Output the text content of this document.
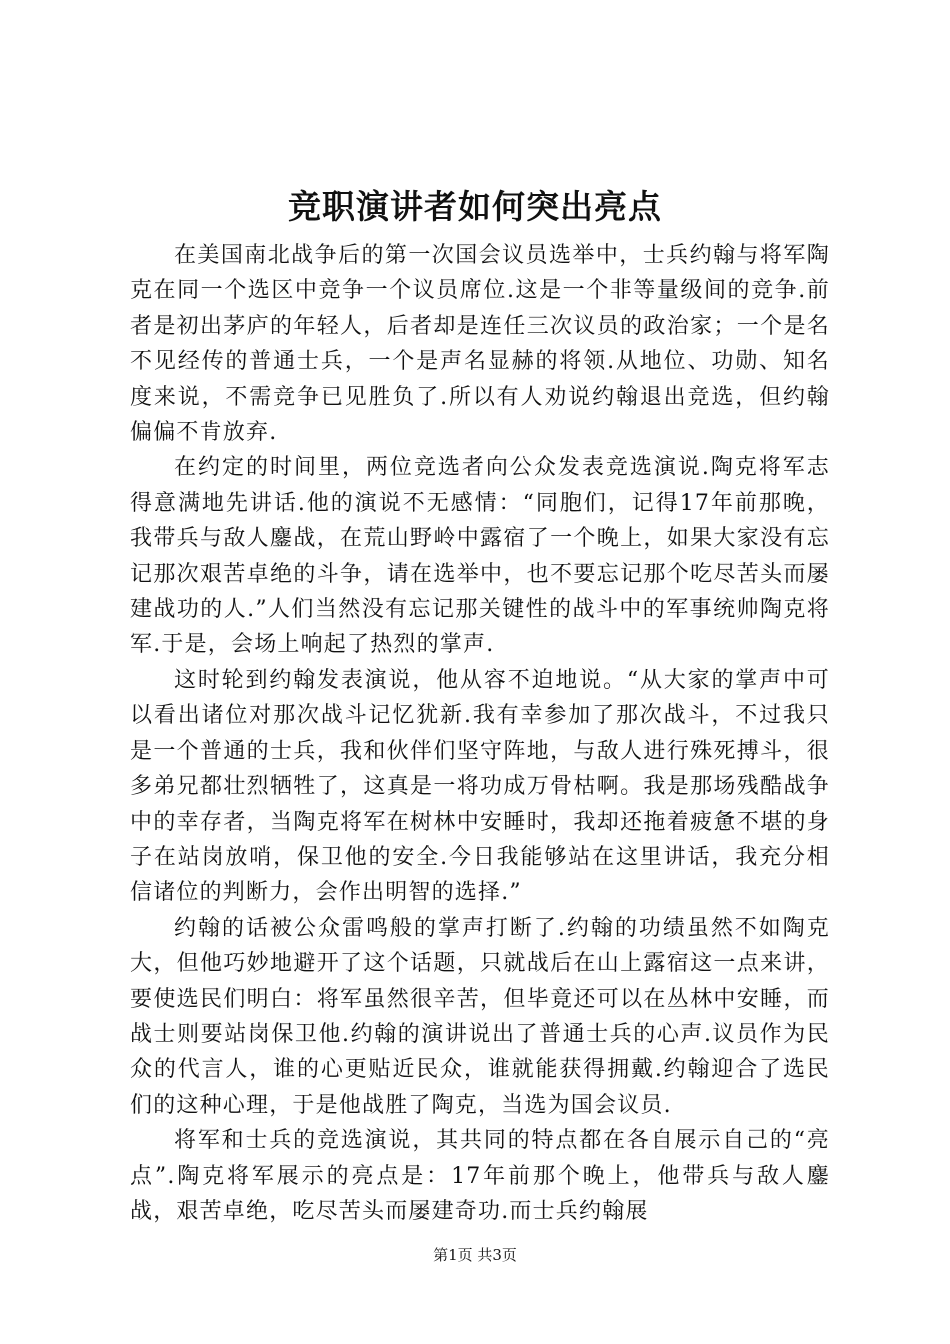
竞职演讲者如何突出亮点

在美国南北战争后的第一次国会议员选举中，士兵约翰与将军陶克在同一个选区中竞争一个议员席位.这是一个非等量级间的竞争.前者是初出茅庐的年轻人，后者却是连任三次议员的政治家；一个是名不见经传的普通士兵，一个是声名显赫的将领.从地位、功勋、知名度来说，不需竞争已见胜负了.所以有人劝说约翰退出竞选，但约翰偏偏不肯放弃.

在约定的时间里，两位竞选者向公众发表竞选演说.陶克将军志得意满地先讲话.他的演说不无感情：“同胞们，记得17年前那晚，我带兵与敌人鏖战，在荒山野岭中露宿了一个晚上，如果大家没有忘记那次艰苦卓绝的斗争，请在选举中，也不要忘记那个吃尽苦头而屡建战功的人.”人们当然没有忘记那关键性的战斗中的军事统帅陶克将军.于是，会场上响起了热烈的掌声.

这时轮到约翰发表演说，他从容不迫地说。“从大家的掌声中可以看出诸位对那次战斗记忆犹新.我有幸参加了那次战斗，不过我只是一个普通的士兵，我和伙伴们坚守阵地，与敌人进行殊死搏斗，很多弟兄都壮烈牺牲了，这真是一将功成万骨枯啊。我是那场残酷战争中的幸存者，当陶克将军在树林中安睡时，我却还拖着疲惫不堪的身子在站岗放哨，保卫他的安全.今日我能够站在这里讲话，我充分相信诸位的判断力，会作出明智的选择.”

约翰的话被公众雷鸣般的掌声打断了.约翰的功绩虽然不如陶克大，但他巧妙地避开了这个话题，只就战后在山上露宿这一点来讲，要使选民们明白：将军虽然很辛苦，但毕竟还可以在丛林中安睡，而战士则要站岗保卫他.约翰的演讲说出了普通士兵的心声.议员作为民众的代言人，谁的心更贴近民众，谁就能获得拥戴.约翰迎合了选民们的这种心理，于是他战胜了陶克，当选为国会议员.

将军和士兵的竞选演说，其共同的特点都在各自展示自己的“亮点”.陶克将军展示的亮点是：17年前那个晚上，他带兵与敌人鏖战，艰苦卓绝，吃尽苦头而屡建奇功.而士兵约翰展

第1页 共3页
